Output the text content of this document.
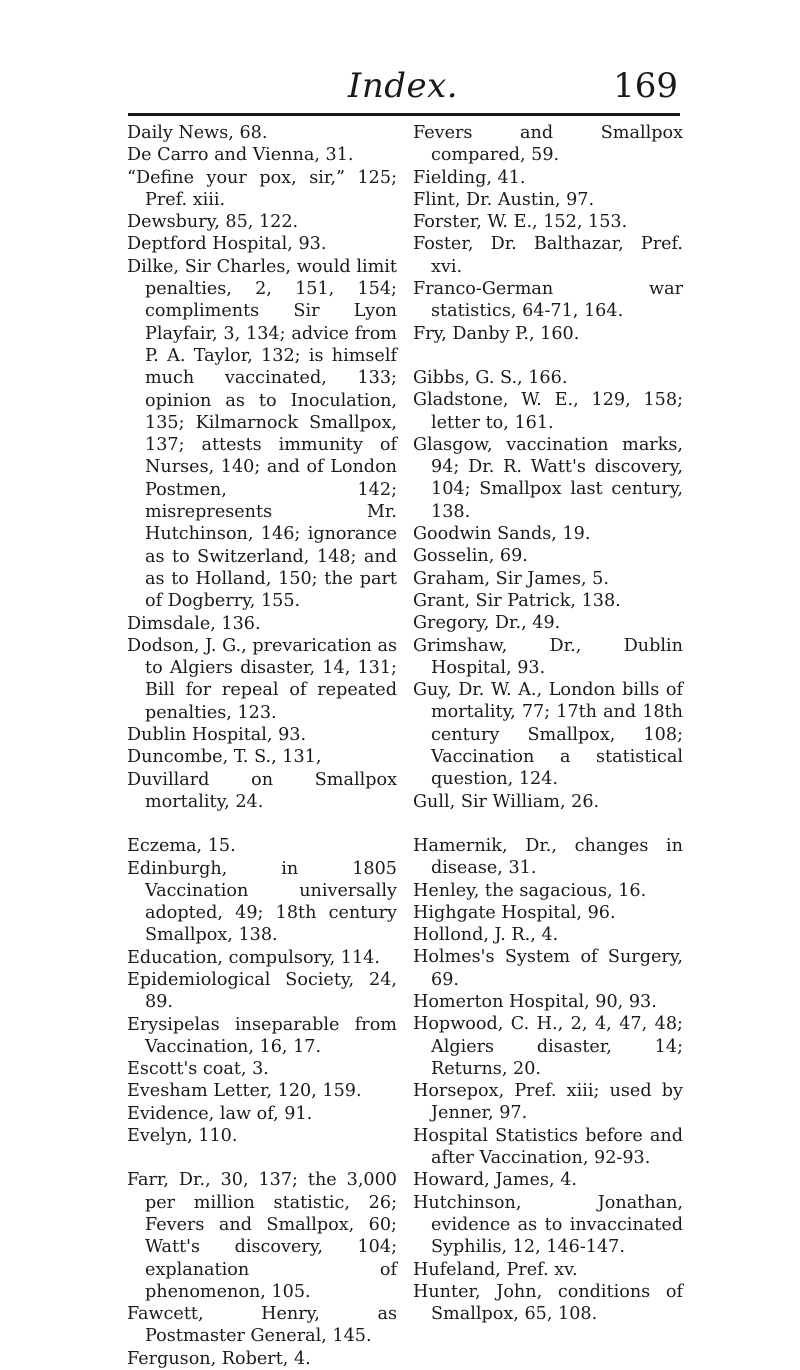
Index.	169
Daily News, 68.
De Carro and Vienna, 31.
“Define your pox, sir,” 125; Pref. xiii.
Dewsbury, 85, 122.
Deptford Hospital, 93.
Dilke, Sir Charles, would limit penalties, 2, 151, 154; compliments Sir Lyon Playfair, 3, 134; advice from P. A. Taylor, 132; is himself much vaccinated, 133; opinion as to Inoculation, 135; Kilmarnock Smallpox, 137; attests immunity of Nurses, 140; and of London Postmen, 142; misrepresents Mr. Hutchinson, 146; ignorance as to Switzerland, 148; and as to Holland, 150; the part of Dogberry, 155.
Dimsdale, 136.
Dodson, J. G., prevarication as to Algiers disaster, 14, 131; Bill for repeal of repeated penalties, 123.
Dublin Hospital, 93.
Duncombe, T. S., 131,
Duvillard on Smallpox mortality, 24.
Eczema, 15.
Edinburgh, in 1805 Vaccination universally adopted, 49; 18th century Smallpox, 138.
Education, compulsory, 114.
Epidemiological Society, 24, 89.
Erysipelas inseparable from Vaccination, 16, 17.
Escott's coat, 3.
Evesham Letter, 120, 159.
Evidence, law of, 91.
Evelyn, 110.
Farr, Dr., 30, 137; the 3,000 per million statistic, 26; Fevers and Smallpox, 60; Watt's discovery, 104; explanation of phenomenon, 105.
Fawcett, Henry, as Postmaster General, 145.
Ferguson, Robert, 4.
Fevers and Smallpox compared, 59.
Fielding, 41.
Flint, Dr. Austin, 97.
Forster, W. E., 152, 153.
Foster, Dr. Balthazar, Pref. xvi.
Franco-German war statistics, 64-71, 164.
Fry, Danby P., 160.
Gibbs, G. S., 166.
Gladstone, W. E., 129, 158; letter to, 161.
Glasgow, vaccination marks, 94; Dr. R. Watt's discovery, 104; Smallpox last century, 138.
Goodwin Sands, 19.
Gosselin, 69.
Graham, Sir James, 5.
Grant, Sir Patrick, 138.
Gregory, Dr., 49.
Grimshaw, Dr., Dublin Hospital, 93.
Guy, Dr. W. A., London bills of mortality, 77; 17th and 18th century Smallpox, 108; Vaccination a statistical question, 124.
Gull, Sir William, 26.
Hamernik, Dr., changes in disease, 31.
Henley, the sagacious, 16.
Highgate Hospital, 96.
Hollond, J. R., 4.
Holmes's System of Surgery, 69.
Homerton Hospital, 90, 93.
Hopwood, C. H., 2, 4, 47, 48; Algiers disaster, 14; Returns, 20.
Horsepox, Pref. xiii; used by Jenner, 97.
Hospital Statistics before and after Vaccination, 92-93.
Howard, James, 4.
Hutchinson, Jonathan, evidence as to invaccinated Syphilis, 12, 146-147.
Hufeland, Pref. xv.
Hunter, John, conditions of Smallpox, 65, 108.
